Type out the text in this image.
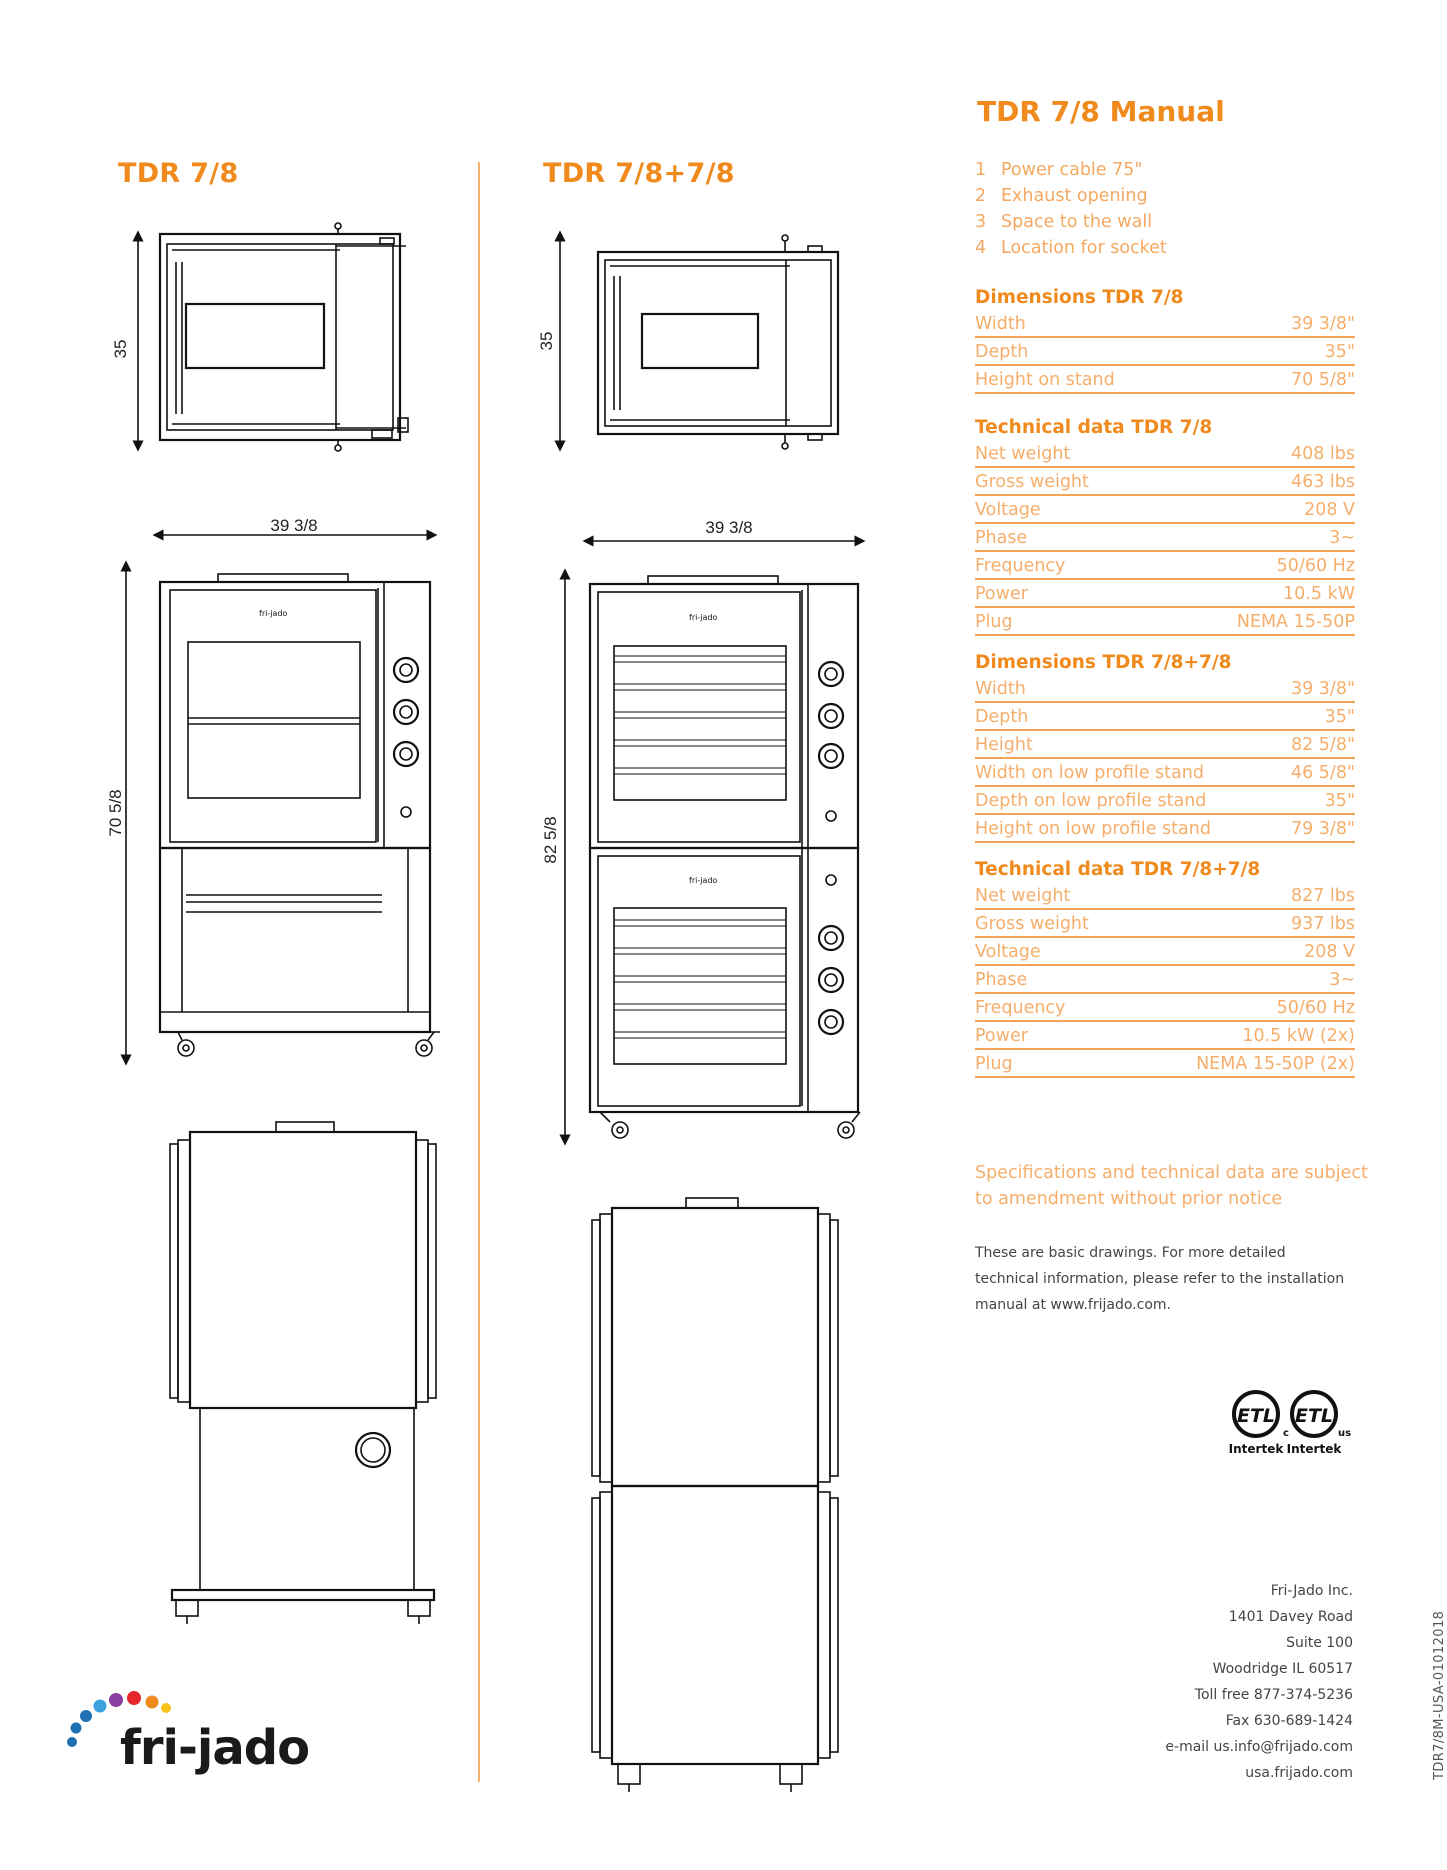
TDR 7/8	TDR 7/8+7/8
35
39 3/8
70 5/8
35
39 3/8
82 5/8
fri-jado	fri-jado
fri-jado
TDR 7/8 Manual
1 Power cable 75"
2 Exhaust opening
3 Space to the wall
4 Location for socket
Dimensions TDR 7/8
Width	39 3/8"
Depth	35"
Height on stand	70 5/8"
Technical data TDR 7/8
Net weight	408 lbs
Gross weight	463 lbs
Voltage	208 V
Phase	3~
Frequency	50/60 Hz
Power	10.5 kW
Plug	NEMA 15-50P
Dimensions TDR 7/8+7/8
Width	39 3/8"
Depth	35"
Height	82 5/8"
Width on low profile stand	46 5/8"
Depth on low profile stand	35"
Height on low profile stand	79 3/8"
Technical data TDR 7/8+7/8
Net weight	827 lbs
Gross weight	937 lbs
Voltage	208 V
Phase	3~
Frequency	50/60 Hz
Power	10.5 kW (2x)
Plug	NEMA 15-50P (2x)
Specifications and technical data are subject to amendment without prior notice
These are basic drawings. For more detailed technical information, please refer to the installation manual at www.frijado.com.
ETL
Intertek
c
ETL
Intertek
us
Fri-Jado Inc.
1401 Davey Road
Suite 100
Woodridge IL 60517
Toll free 877-374-5236
Fax 630-689-1424
e-mail us.info@frijado.com
usa.frijado.com	TDR7/8M-USA-01012018
fri-jado
